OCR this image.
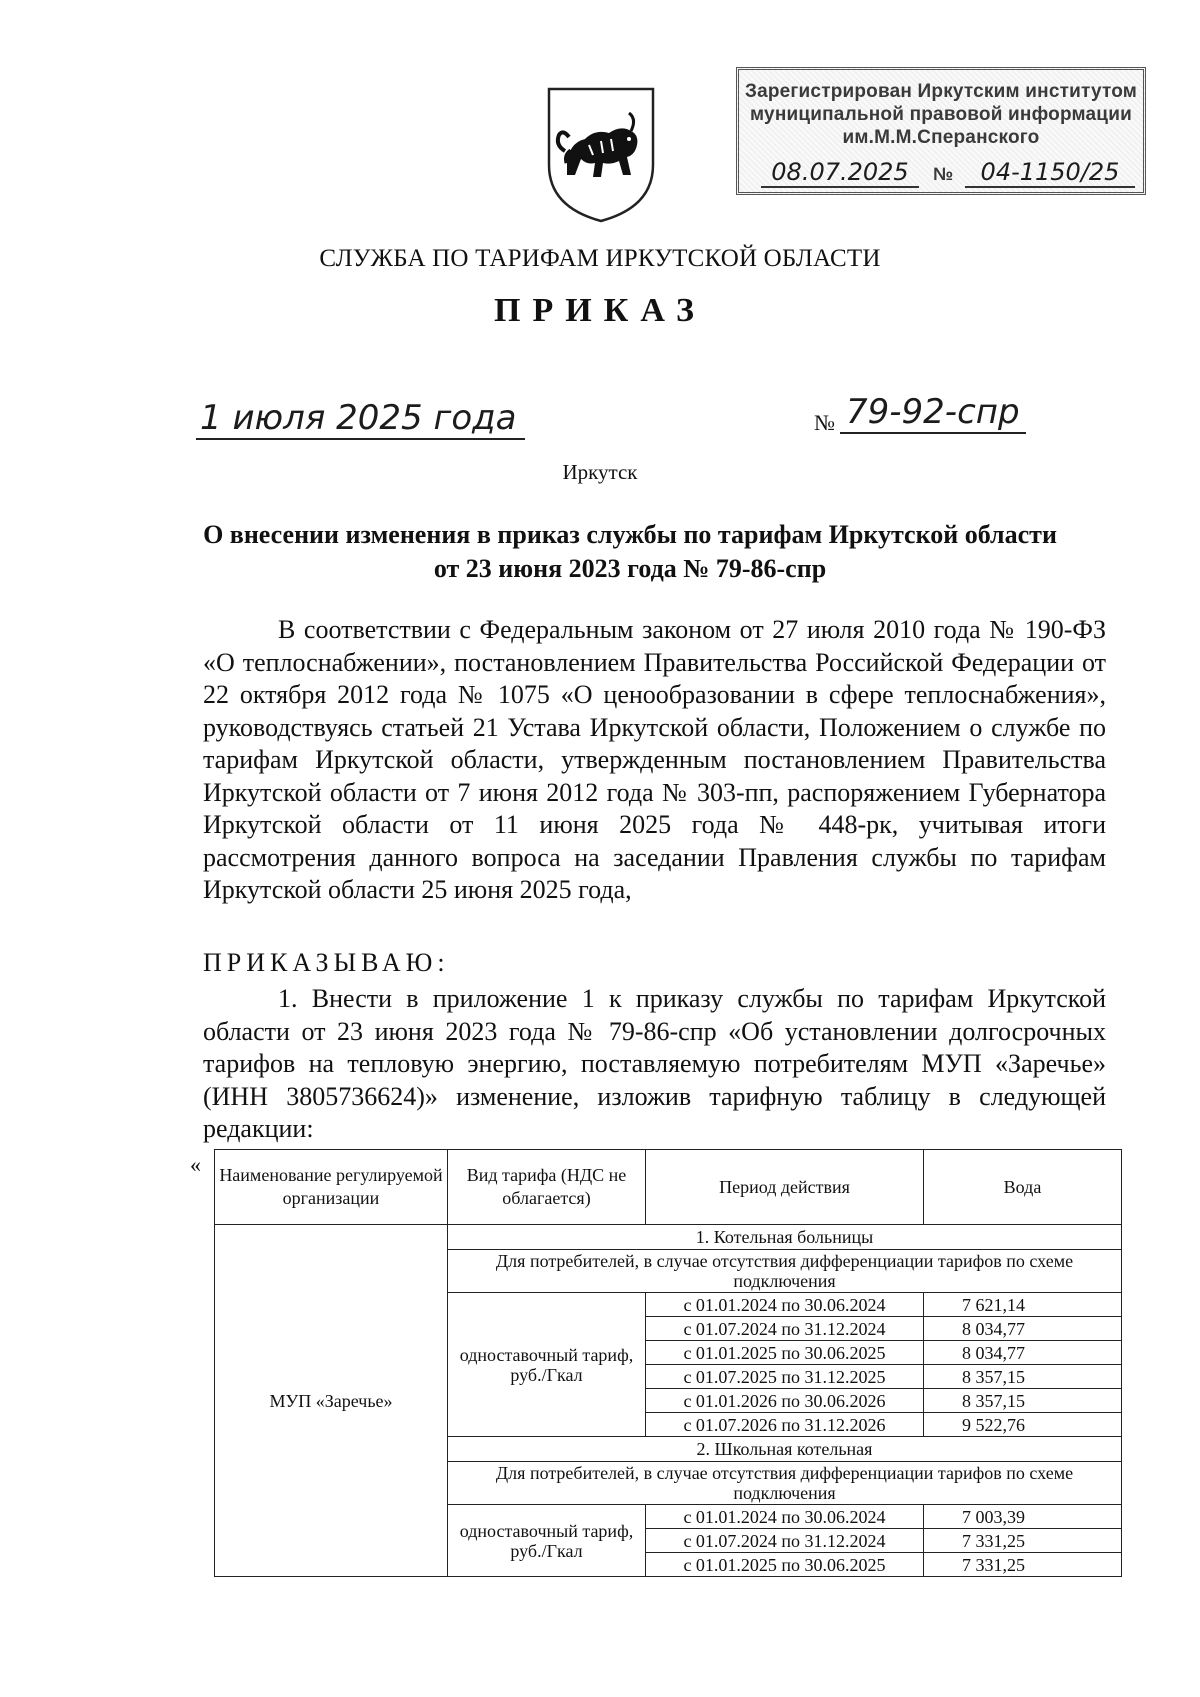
Зарегистрирован Иркутским институтом
муниципальной правовой информации
им.М.М.Сперанского
08.07.2025	№	04-1150/25
СЛУЖБА ПО ТАРИФАМ ИРКУТСКОЙ ОБЛАСТИ
ПРИКАЗ
1 июля 2025 года	№ 79-92-спр
Иркутск
О внесении изменения в приказ службы по тарифам Иркутской области
от 23 июня 2023 года № 79-86-спр
В соответствии с Федеральным законом от 27 июля 2010 года № 190-ФЗ «О теплоснабжении», постановлением Правительства Российской Федерации от 22 октября 2012 года № 1075 «О ценообразовании в сфере теплоснабжения», руководствуясь статьей 21 Устава Иркутской области, Положением о службе по тарифам Иркутской области, утвержденным постановлением Правительства Иркутской области от 7 июня 2012 года № 303-пп, распоряжением Губернатора Иркутской области от 11 июня 2025 года № 448-рк, учитывая итоги рассмотрения данного вопроса на заседании Правления службы по тарифам Иркутской области 25 июня 2025 года,
ПРИКАЗЫВАЮ:
1. Внести в приложение 1 к приказу службы по тарифам Иркутской области от 23 июня 2023 года № 79-86-спр «Об установлении долгосрочных тарифов на тепловую энергию, поставляемую потребителям МУП «Заречье» (ИНН 3805736624)» изменение, изложив тарифную таблицу в следующей редакции:
« Наименование регулируемой организации	Вид тарифа (НДС не облагается)	Период действия	Вода
МУП «Заречье»	1. Котельная больницы		
	Для потребителей, в случае отсутствия дифференциации тарифов по схеме подключения		
	одноставочный тариф, руб./Гкал	с 01.01.2024 по 30.06.2024	7 621,14
		с 01.07.2024 по 31.12.2024	8 034,77
		с 01.01.2025 по 30.06.2025	8 034,77
		с 01.07.2025 по 31.12.2025	8 357,15
		с 01.01.2026 по 30.06.2026	8 357,15
		с 01.07.2026 по 31.12.2026	9 522,76
	2. Школьная котельная		
	Для потребителей, в случае отсутствия дифференциации тарифов по схеме подключения		
	одноставочный тариф, руб./Гкал	с 01.01.2024 по 30.06.2024	7 003,39
		с 01.07.2024 по 31.12.2024	7 331,25
		с 01.01.2025 по 30.06.2025	7 331,25
